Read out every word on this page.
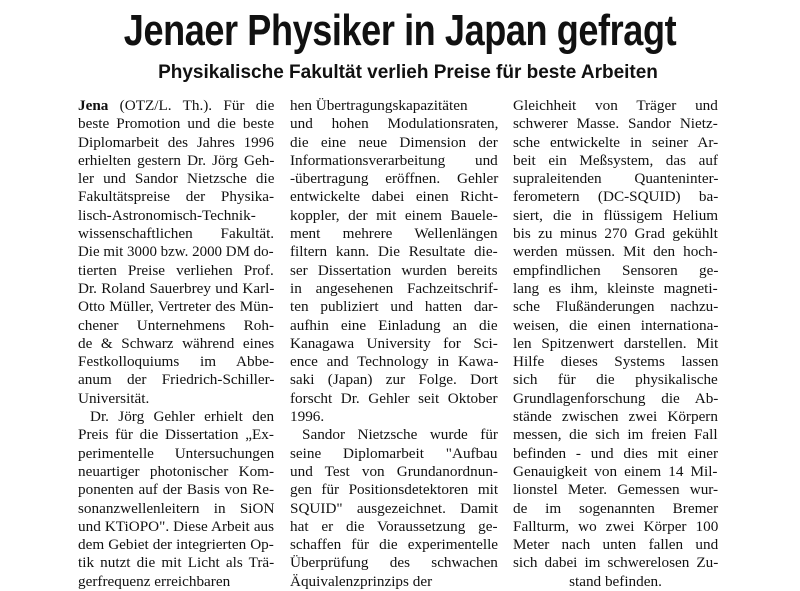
Jenaer Physiker in Japan gefragt
Physikalische Fakultät verlieh Preise für beste Arbeiten
Jena (OTZ/L. Th.). Für die
beste Promotion und die beste
Diplomarbeit des Jahres 1996
erhielten gestern Dr. Jörg Geh-
ler und Sandor Nietzsche die
Fakultätspreise der Physika-
lisch-Astronomisch-Technik-
wissenschaftlichen Fakultät.
Die mit 3000 bzw. 2000 DM do-
tierten Preise verliehen Prof.
Dr. Roland Sauerbrey und Karl-
Otto Müller, Vertreter des Mün-
chener Unternehmens Roh-
de & Schwarz während eines
Festkolloquiums im Abbe-
anum der Friedrich-Schiller-
Universität.
Dr. Jörg Gehler erhielt den
Preis für die Dissertation „Ex-
perimentelle Untersuchungen
neuartiger photonischer Kom-
ponenten auf der Basis von Re-
sonanzwellenleitern in SiON
und KTiOPO". Diese Arbeit aus
dem Gebiet der integrierten Op-
tik nutzt die mit Licht als Trä-
gerfrequenz erreichbaren
hen Übertragungskapazitäten
und hohen Modulationsraten,
die eine neue Dimension der
Informationsverarbeitung und
-übertragung eröffnen. Gehler
entwickelte dabei einen Richt-
koppler, der mit einem Bauele-
ment mehrere Wellenlängen
filtern kann. Die Resultate die-
ser Dissertation wurden bereits
in angesehenen Fachzeitschrif-
ten publiziert und hatten dar-
aufhin eine Einladung an die
Kanagawa University for Sci-
ence and Technology in Kawa-
saki (Japan) zur Folge. Dort
forscht Dr. Gehler seit Oktober
1996.
Sandor Nietzsche wurde für
seine Diplomarbeit "Aufbau
und Test von Grundanordnun-
gen für Positionsdetektoren mit
SQUID" ausgezeichnet. Damit
hat er die Voraussetzung ge-
schaffen für die experimentelle
Überprüfung des schwachen
Äquivalenzprinzips der
Gleichheit von Träger und
schwerer Masse. Sandor Nietz-
sche entwickelte in seiner Ar-
beit ein Meßsystem, das auf
supraleitenden Quanteninter-
ferometern (DC-SQUID) ba-
siert, die in flüssigem Helium
bis zu minus 270 Grad gekühlt
werden müssen. Mit den hoch-
empfindlichen Sensoren ge-
lang es ihm, kleinste magneti-
sche Flußänderungen nachzu-
weisen, die einen internationa-
len Spitzenwert darstellen. Mit
Hilfe dieses Systems lassen
sich für die physikalische
Grundlagenforschung die Ab-
stände zwischen zwei Körpern
messen, die sich im freien Fall
befinden - und dies mit einer
Genauigkeit von einem 14 Mil-
lionstel Meter. Gemessen wur-
de im sogenannten Bremer
Fallturm, wo zwei Körper 100
Meter nach unten fallen und
sich dabei im schwerelosen Zu-
stand befinden.
